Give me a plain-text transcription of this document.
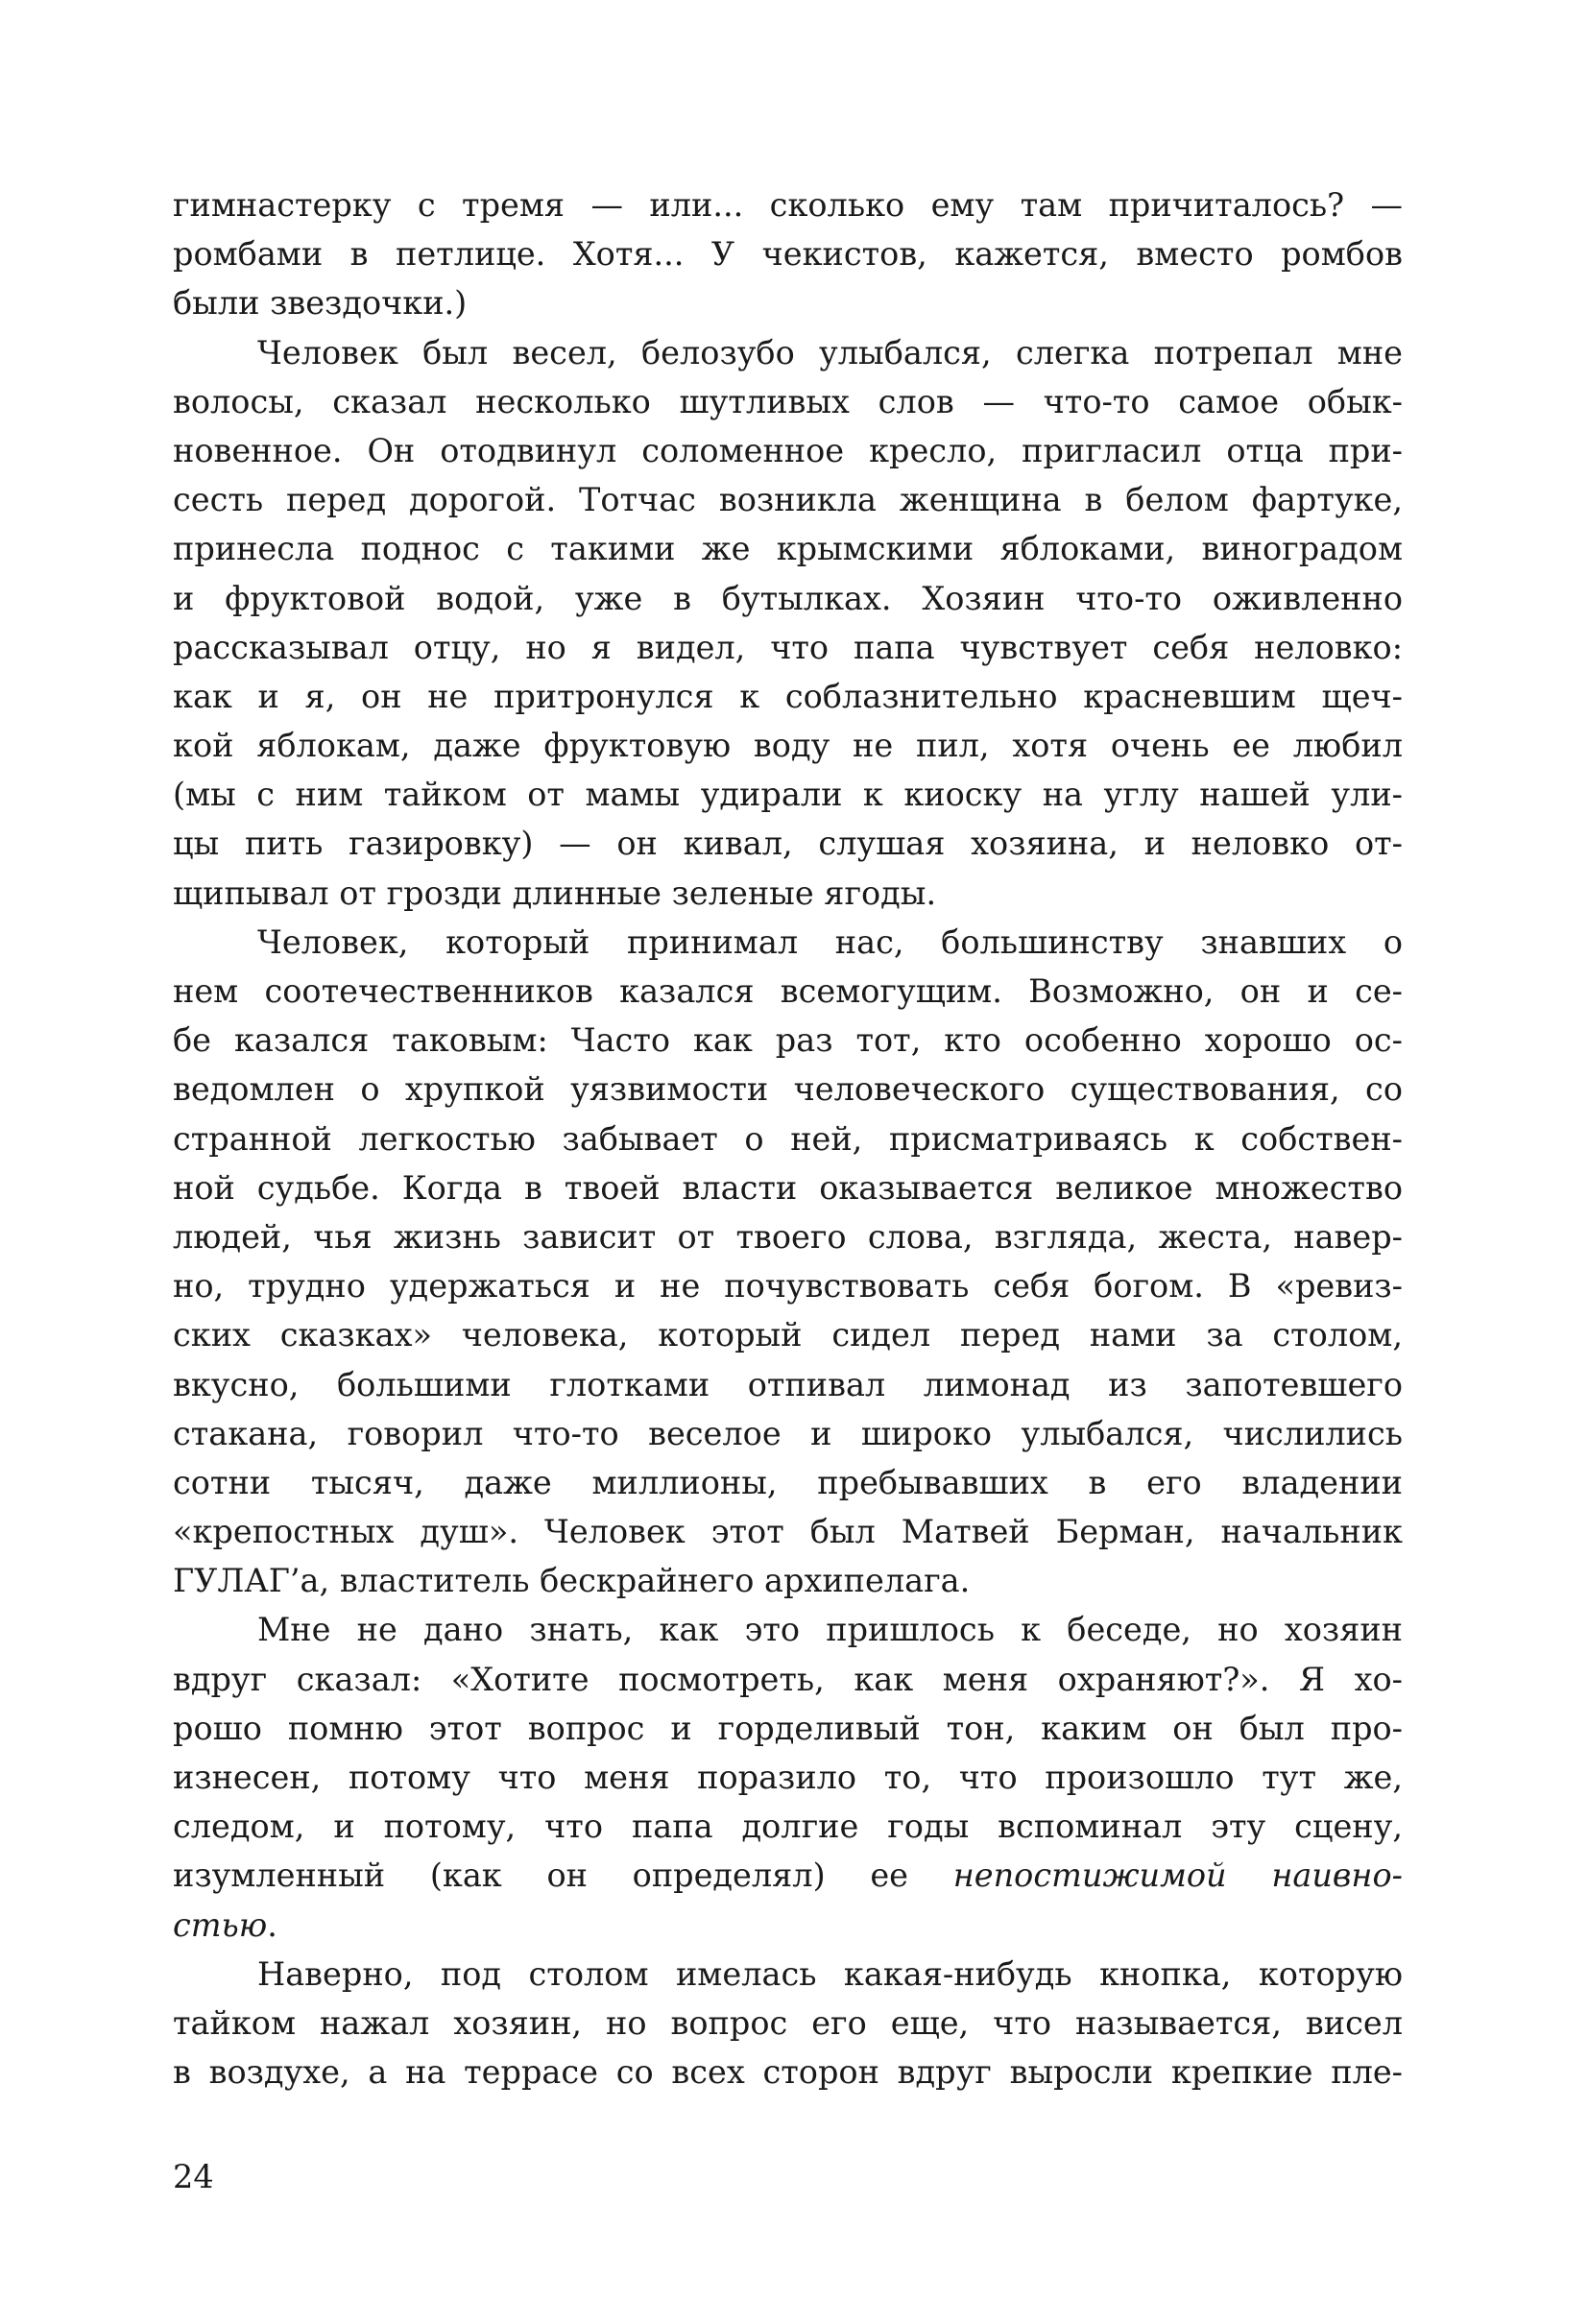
гимнастерку с тремя — или... сколько ему там причиталось? —
ромбами в петлице. Хотя... У чекистов, кажется, вместо ромбов
были звездочки.)
Человек был весел, белозубо улыбался, слегка потрепал мне
волосы, сказал несколько шутливых слов — что-то самое обык-
новенное. Он отодвинул соломенное кресло, пригласил отца при-
сесть перед дорогой. Тотчас возникла женщина в белом фартуке,
принесла поднос с такими же крымскими яблоками, виноградом
и фруктовой водой, уже в бутылках. Хозяин что-то оживленно
рассказывал отцу, но я видел, что папа чувствует себя неловко:
как и я, он не притронулся к соблазнительно красневшим щеч-
кой яблокам, даже фруктовую воду не пил, хотя очень ее любил
(мы с ним тайком от мамы удирали к киоску на углу нашей ули-
цы пить газировку) — он кивал, слушая хозяина, и неловко от-
щипывал от грозди длинные зеленые ягоды.
Человек, который принимал нас, большинству знавших о
нем соотечественников казался всемогущим. Возможно, он и се-
бе казался таковым: Часто как раз тот, кто особенно хорошо ос-
ведомлен о хрупкой уязвимости человеческого существования, со
странной легкостью забывает о ней, присматриваясь к собствен-
ной судьбе. Когда в твоей власти оказывается великое множество
людей, чья жизнь зависит от твоего слова, взгляда, жеста, навер-
но, трудно удержаться и не почувствовать себя богом. В «ревиз-
ских сказках» человека, который сидел перед нами за столом,
вкусно, большими глотками отпивал лимонад из запотевшего
стакана, говорил что-то веселое и широко улыбался, числились
сотни тысяч, даже миллионы, пребывавших в его владении
«крепостных душ». Человек этот был Матвей Берман, начальник
ГУЛАГ’а, властитель бескрайнего архипелага.
Мне не дано знать, как это пришлось к беседе, но хозяин
вдруг сказал: «Хотите посмотреть, как меня охраняют?». Я хо-
рошо помню этот вопрос и горделивый тон, каким он был про-
изнесен, потому что меня поразило то, что произошло тут же,
следом, и потому, что папа долгие годы вспоминал эту сцену,
изумленный (как он определял) ее непостижимой наивно-
стью.
Наверно, под столом имелась какая-нибудь кнопка, которую
тайком нажал хозяин, но вопрос его еще, что называется, висел
в воздухе, а на террасе со всех сторон вдруг выросли крепкие пле-
24
